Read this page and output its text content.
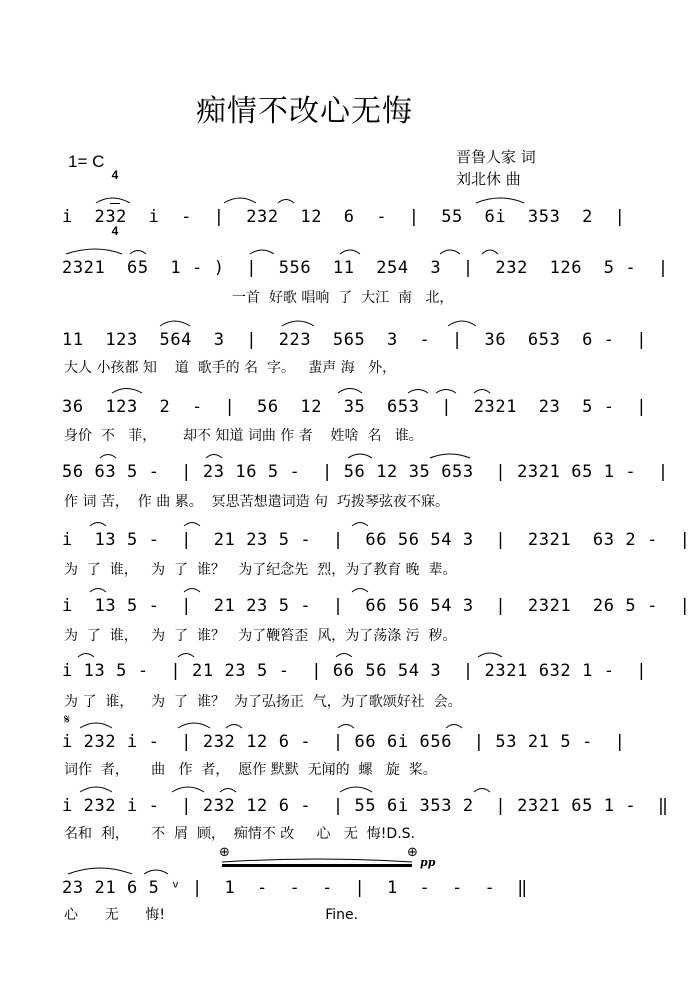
痴情不改心无悔
晋鲁人家 词
刘北休 曲
1= C

4

4

i  232  i  -  |  232  12  6  -  |  55  6i  353  2  |
2321  65  1 - )  |  556  11  254  3  |  232  126  5 -  |
一首  好歌 唱响  了  大江  南   北，
11  123  564  3  |  223  565  3  -  |  36  653  6 -  |
大人 小孩都 知    道  歌手的 名  字。   蜚声 海   外，
36  123  2  -  |  56  12  35  653  |  2321  23  5 -  |
身价  不   菲，      却不 知道 词曲 作 者    姓啥  名   谁。
56 63 5 -  | 23 16 5 -  | 56 12 35 653  | 2321 65 1 -  |
作 词 苦，  作 曲 累。  冥思苦想遣词造 句  巧拨琴弦夜不寐。
i  13 5 -  |  21 23 5 -  |  66 56 54 3  |  2321  63 2 -  |
为  了  谁，   为  了  谁？   为了纪念先  烈，为了教育 晚  辈。
i  13 5 -  |  21 23 5 -  |  66 56 54 3  |  2321  26 5 -  |
为  了  谁，   为  了  谁？   为了鞭笞歪  风，为了荡涤 污  秽。
i 13 5 -  | 21 23 5 -  | 66 56 54 3  | 2321 632 1 -  |
为 了  谁，    为  了  谁？  为了弘扬正  气，为了歌颂好社  会。
𝄋
i 232 i -  | 232 12 6 -  | 66 6i 656  | 53 21 5 -  |
词作  者，     曲   作  者，  愿作 默默  无闻的  螺   旋  桨。
i 232 i -  | 232 12 6 -  | 55 6i 353 2  | 2321 65 1 -  ‖
名和  利，     不  屑  顾，  痴情不 改     心   无  悔!D.S.
⊕	⊕
pp
23 21 6 5 ᵛ |  1  -  -  -  |  1  -  -  -  ‖
心      无      悔!                                    Fine.
